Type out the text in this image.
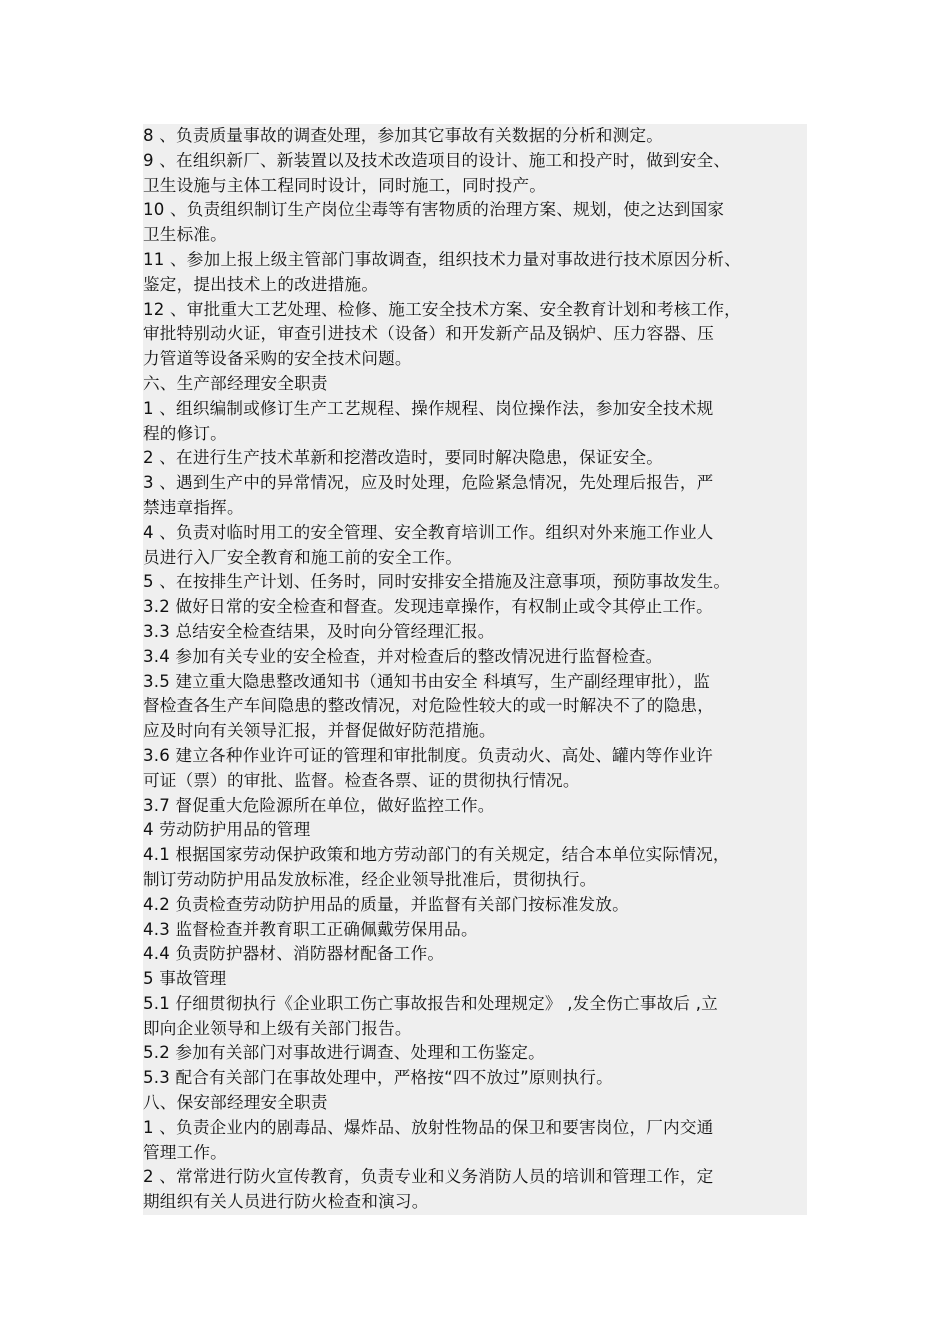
8 、负责质量事故的调查处理，参加其它事故有关数据的分析和测定。
9 、在组织新厂、新装置以及技术改造项目的设计、施工和投产时，做到安全、
卫生设施与主体工程同时设计，同时施工，同时投产。
10 、负责组织制订生产岗位尘毒等有害物质的治理方案、规划，使之达到国家
卫生标准。
11 、参加上报上级主管部门事故调查，组织技术力量对事故进行技术原因分析、
鉴定，提出技术上的改进措施。
12 、审批重大工艺处理、检修、施工安全技术方案、安全教育计划和考核工作，
审批特别动火证，审查引进技术（设备）和开发新产品及锅炉、压力容器、压
力管道等设备采购的安全技术问题。
六、生产部经理安全职责
1 、组织编制或修订生产工艺规程、操作规程、岗位操作法，参加安全技术规
程的修订。
2 、在进行生产技术革新和挖潜改造时，要同时解决隐患，保证安全。
3 、遇到生产中的异常情况，应及时处理，危险紧急情况，先处理后报告，严
禁违章指挥。
4 、负责对临时用工的安全管理、安全教育培训工作。组织对外来施工作业人
员进行入厂安全教育和施工前的安全工作。
5 、在按排生产计划、任务时，同时安排安全措施及注意事项，预防事故发生。
3.2 做好日常的安全检查和督查。发现违章操作，有权制止或令其停止工作。
3.3 总结安全检查结果，及时向分管经理汇报。
3.4 参加有关专业的安全检查，并对检查后的整改情况进行监督检查。
3.5 建立重大隐患整改通知书（通知书由安全 科填写，生产副经理审批），监
督检查各生产车间隐患的整改情况，对危险性较大的或一时解决不了的隐患，
应及时向有关领导汇报，并督促做好防范措施。
3.6 建立各种作业许可证的管理和审批制度。负责动火、高处、罐内等作业许
可证（票）的审批、监督。检查各票、证的贯彻执行情况。
3.7 督促重大危险源所在单位，做好监控工作。
4 劳动防护用品的管理
4.1 根据国家劳动保护政策和地方劳动部门的有关规定，结合本单位实际情况，
制订劳动防护用品发放标准，经企业领导批准后，贯彻执行。
4.2 负责检查劳动防护用品的质量，并监督有关部门按标准发放。
4.3 监督检查并教育职工正确佩戴劳保用品。
4.4 负责防护器材、消防器材配备工作。
5 事故管理
5.1 仔细贯彻执行《企业职工伤亡事故报告和处理规定》 ,发全伤亡事故后 ,立
即向企业领导和上级有关部门报告。
5.2 参加有关部门对事故进行调查、处理和工伤鉴定。
5.3 配合有关部门在事故处理中，严格按“四不放过”原则执行。
八、保安部经理安全职责
1 、负责企业内的剧毒品、爆炸品、放射性物品的保卫和要害岗位，厂内交通
管理工作。
2 、常常进行防火宣传教育，负责专业和义务消防人员的培训和管理工作，定
期组织有关人员进行防火检查和演习。
